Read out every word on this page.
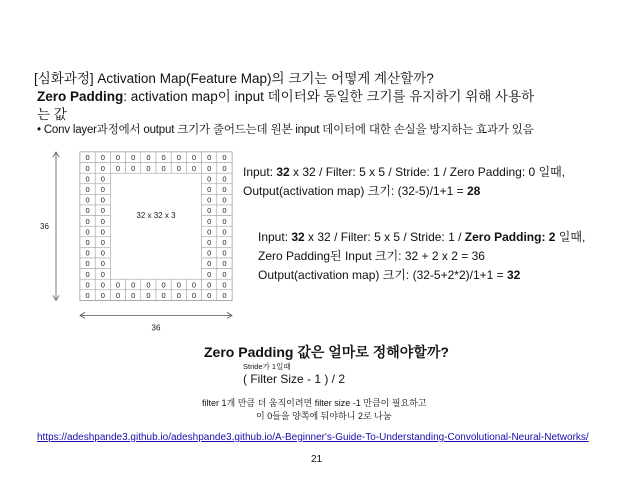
[심화과정] Activation Map(Feature Map)의 크기는 어떻게 계산할까?
Zero Padding: activation map이 input 데이터와 동일한 크기를 유지하기 위해 사용하
는 값
• Conv layer과정에서 output 크기가 줄어드는데 원본 input 데이터에 대한 손실을 방지하는 효과가 있음
0 0 0 0 0 0 0 0 0 0
0 0 0 0 0 0 0 0 0 0
0 0	0 0
0 0	0 0
0 0	0 0
0 0	0 0
0 0	0 0
0 0	0 0
0 0	0 0
0 0	0 0
0 0	0 0
0 0	0 0
0 0 0 0 0 0 0 0 0 0
0 0 0 0 0 0 0 0 0 0
32 x 32 x 3
36
36
Input: 32 x 32 / Filter: 5 x 5 / Stride: 1 / Zero Padding: 0 일때,
Output(activation map) 크기: (32-5)/1+1 = 28
Input: 32 x 32 / Filter: 5 x 5 / Stride: 1 / Zero Padding: 2 일때,
Zero Padding된 Input 크기: 32 + 2 x 2 = 36
Output(activation map) 크기: (32-5+2*2)/1+1 = 32
Zero Padding 값은 얼마로 정해야할까?
Stride가 1일때
( Filter Size - 1 ) / 2
filter 1개 만큼 더 움직이려면 filter size -1 만큼이 필요하고
이 0들을 양쪽에 둬야하니 2로 나눔
https://adeshpande3.github.io/adeshpande3.github.io/A-Beginner's-Guide-To-Understanding-Convolutional-Neural-Networks/
21
